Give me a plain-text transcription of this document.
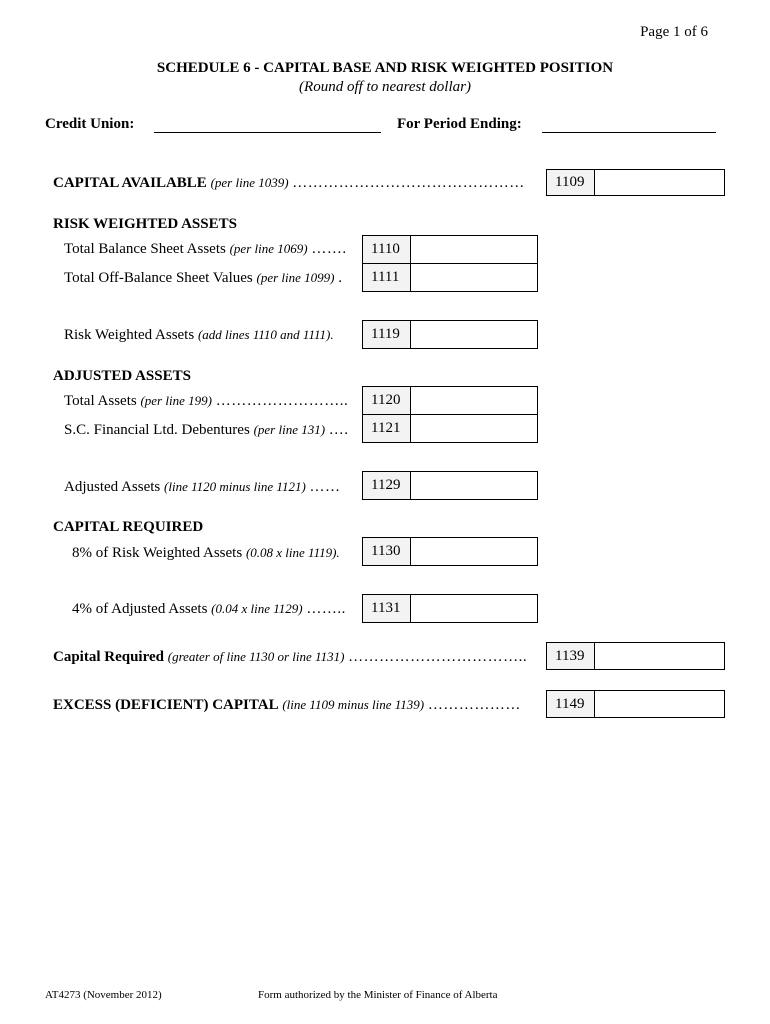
Page 1 of 6
SCHEDULE 6 - CAPITAL BASE AND RISK WEIGHTED POSITION
(Round off to nearest dollar)
Credit Union:	For Period Ending:
CAPITAL AVAILABLE (per line 1039) ………………………………………	1109
RISK WEIGHTED ASSETS
Total Balance Sheet Assets (per line 1069) …….	1110
Total Off-Balance Sheet Values (per line 1099) .	1111
Risk Weighted Assets (add lines 1110 and 1111).	1119
ADJUSTED ASSETS
Total Assets (per line 199) ……………………..	1120
S.C. Financial Ltd. Debentures (per line 131) ….	1121
Adjusted Assets (line 1120 minus line 1121) ……	1129
CAPITAL REQUIRED
8% of Risk Weighted Assets (0.08 x line 1119).	1130
4% of Adjusted Assets (0.04 x line 1129) ……..	1131
Capital Required (greater of line 1130 or line 1131) ……………………………..	1139
EXCESS (DEFICIENT) CAPITAL (line 1109 minus line 1139) ………………	1149
AT4273 (November 2012)	Form authorized by the Minister of Finance of Alberta
